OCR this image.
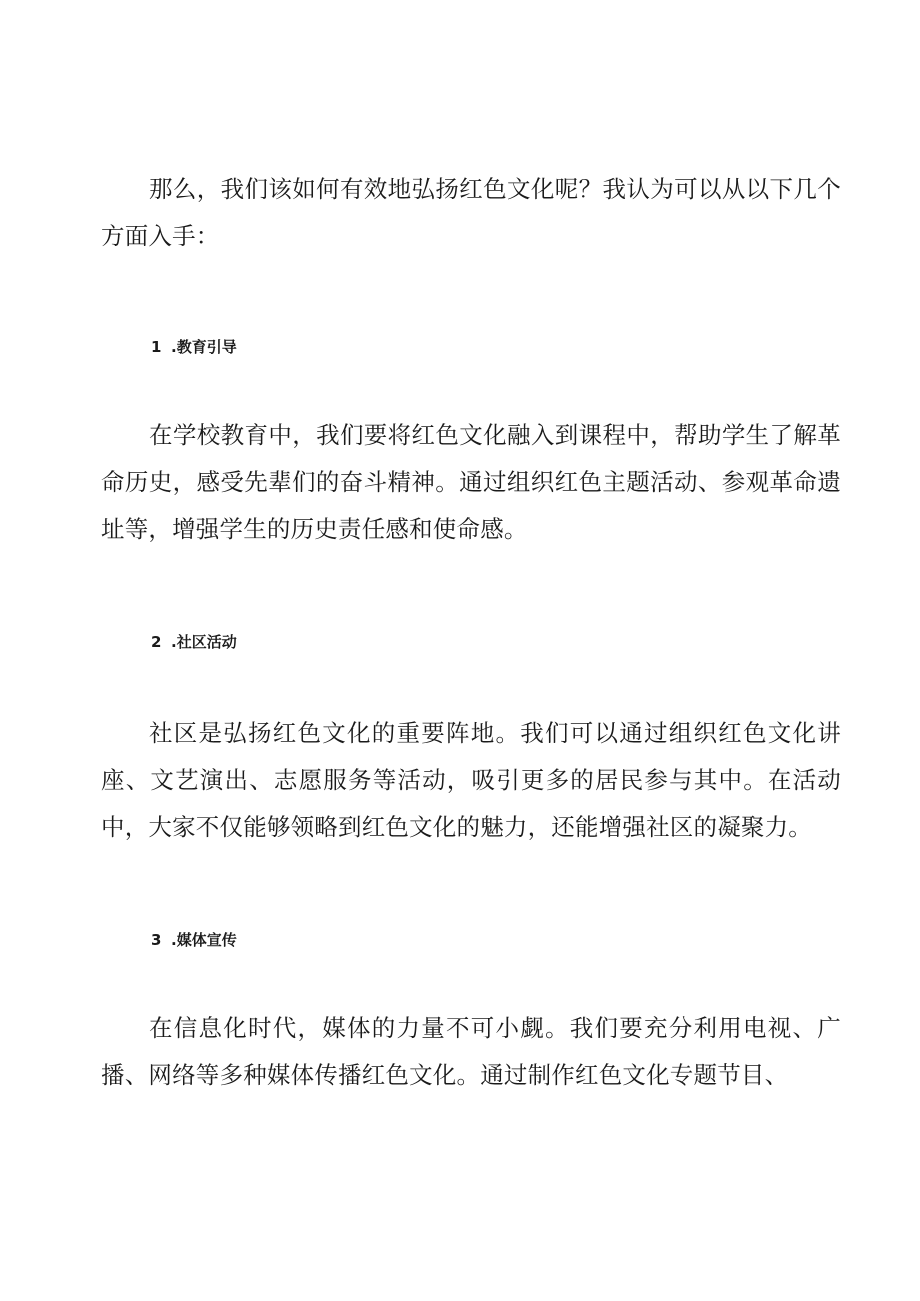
那么，我们该如何有效地弘扬红色文化呢？我认为可以从以下几个方面入手：

1 .教育引导

在学校教育中，我们要将红色文化融入到课程中，帮助学生了解革命历史，感受先辈们的奋斗精神。通过组织红色主题活动、参观革命遗址等，增强学生的历史责任感和使命感。

2 .社区活动

社区是弘扬红色文化的重要阵地。我们可以通过组织红色文化讲座、文艺演出、志愿服务等活动，吸引更多的居民参与其中。在活动中，大家不仅能够领略到红色文化的魅力，还能增强社区的凝聚力。

3 .媒体宣传

在信息化时代，媒体的力量不可小觑。我们要充分利用电视、广播、网络等多种媒体传播红色文化。通过制作红色文化专题节目、
